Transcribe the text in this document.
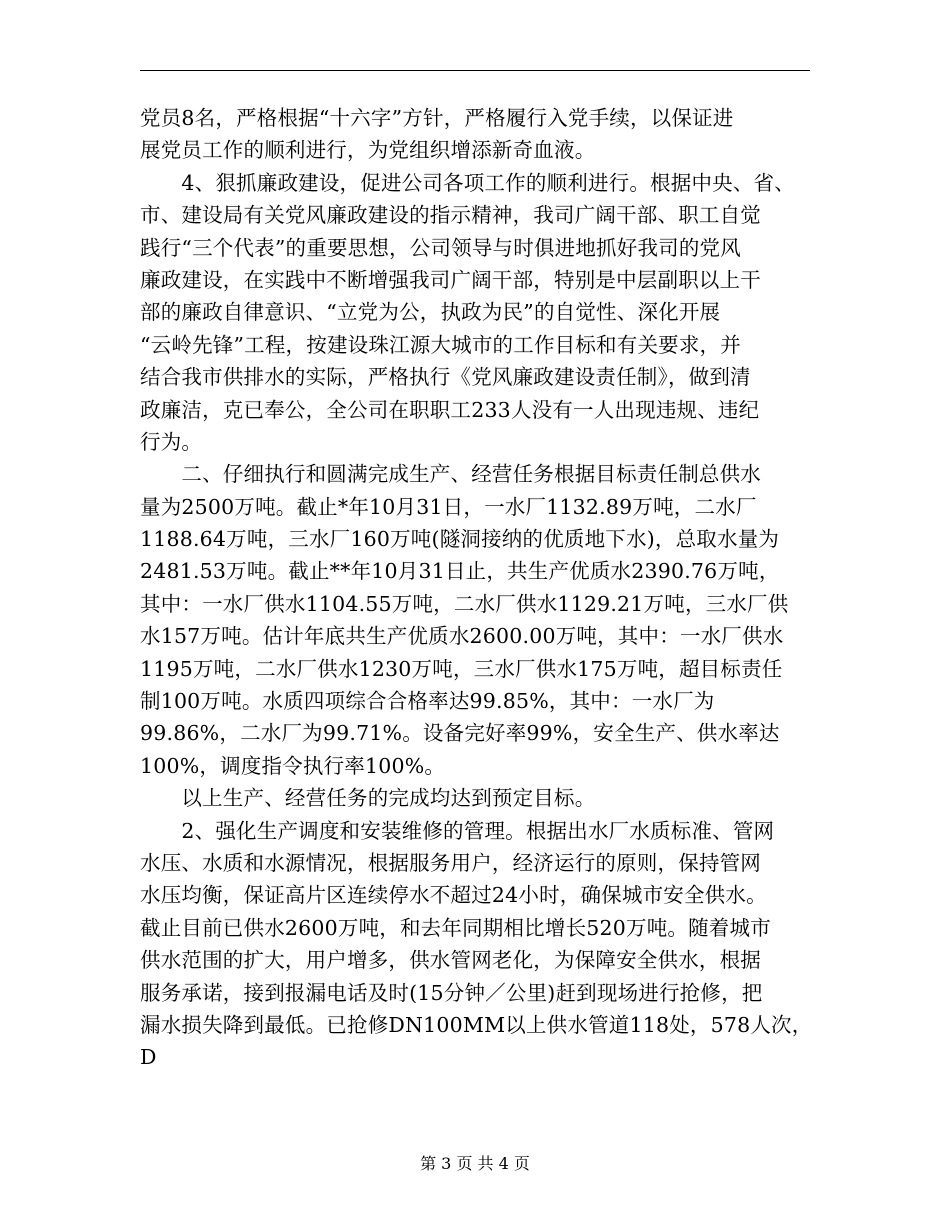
党员8名，严格根据“十六字”方针，严格履行入党手续，以保证进
展党员工作的顺利进行，为党组织增添新奇血液。
　　4、狠抓廉政建设，促进公司各项工作的顺利进行。根据中央、省、
市、建设局有关党风廉政建设的指示精神，我司广阔干部、职工自觉
践行“三个代表”的重要思想，公司领导与时俱进地抓好我司的党风
廉政建设，在实践中不断增强我司广阔干部，特别是中层副职以上干
部的廉政自律意识、“立党为公，执政为民”的自觉性、深化开展
“云岭先锋”工程，按建设珠江源大城市的工作目标和有关要求，并
结合我市供排水的实际，严格执行《党风廉政建设责任制》，做到清
政廉洁，克已奉公，全公司在职职工233人没有一人出现违规、违纪
行为。
　　二、仔细执行和圆满完成生产、经营任务根据目标责任制总供水
量为2500万吨。截止*年10月31日，一水厂1132.89万吨，二水厂
1188.64万吨，三水厂160万吨(隧洞接纳的优质地下水)，总取水量为
2481.53万吨。截止**年10月31日止，共生产优质水2390.76万吨，
其中：一水厂供水1104.55万吨，二水厂供水1129.21万吨，三水厂供
水157万吨。估计年底共生产优质水2600.00万吨，其中：一水厂供水
1195万吨，二水厂供水1230万吨，三水厂供水175万吨，超目标责任
制100万吨。水质四项综合合格率达99.85%，其中：一水厂为
99.86%，二水厂为99.71%。设备完好率99%，安全生产、供水率达
100%，调度指令执行率100%。
　　以上生产、经营任务的完成均达到预定目标。
　　2、强化生产调度和安装维修的管理。根据出水厂水质标准、管网
水压、水质和水源情况，根据服务用户，经济运行的原则，保持管网
水压均衡，保证高片区连续停水不超过24小时，确保城市安全供水。
截止目前已供水2600万吨，和去年同期相比增长520万吨。随着城市
供水范围的扩大，用户增多，供水管网老化，为保障安全供水，根据
服务承诺，接到报漏电话及时(15分钟／公里)赶到现场进行抢修，把
漏水损失降到最低。已抢修DN100MM以上供水管道118处，578人次，
D
第 3 页 共 4 页
